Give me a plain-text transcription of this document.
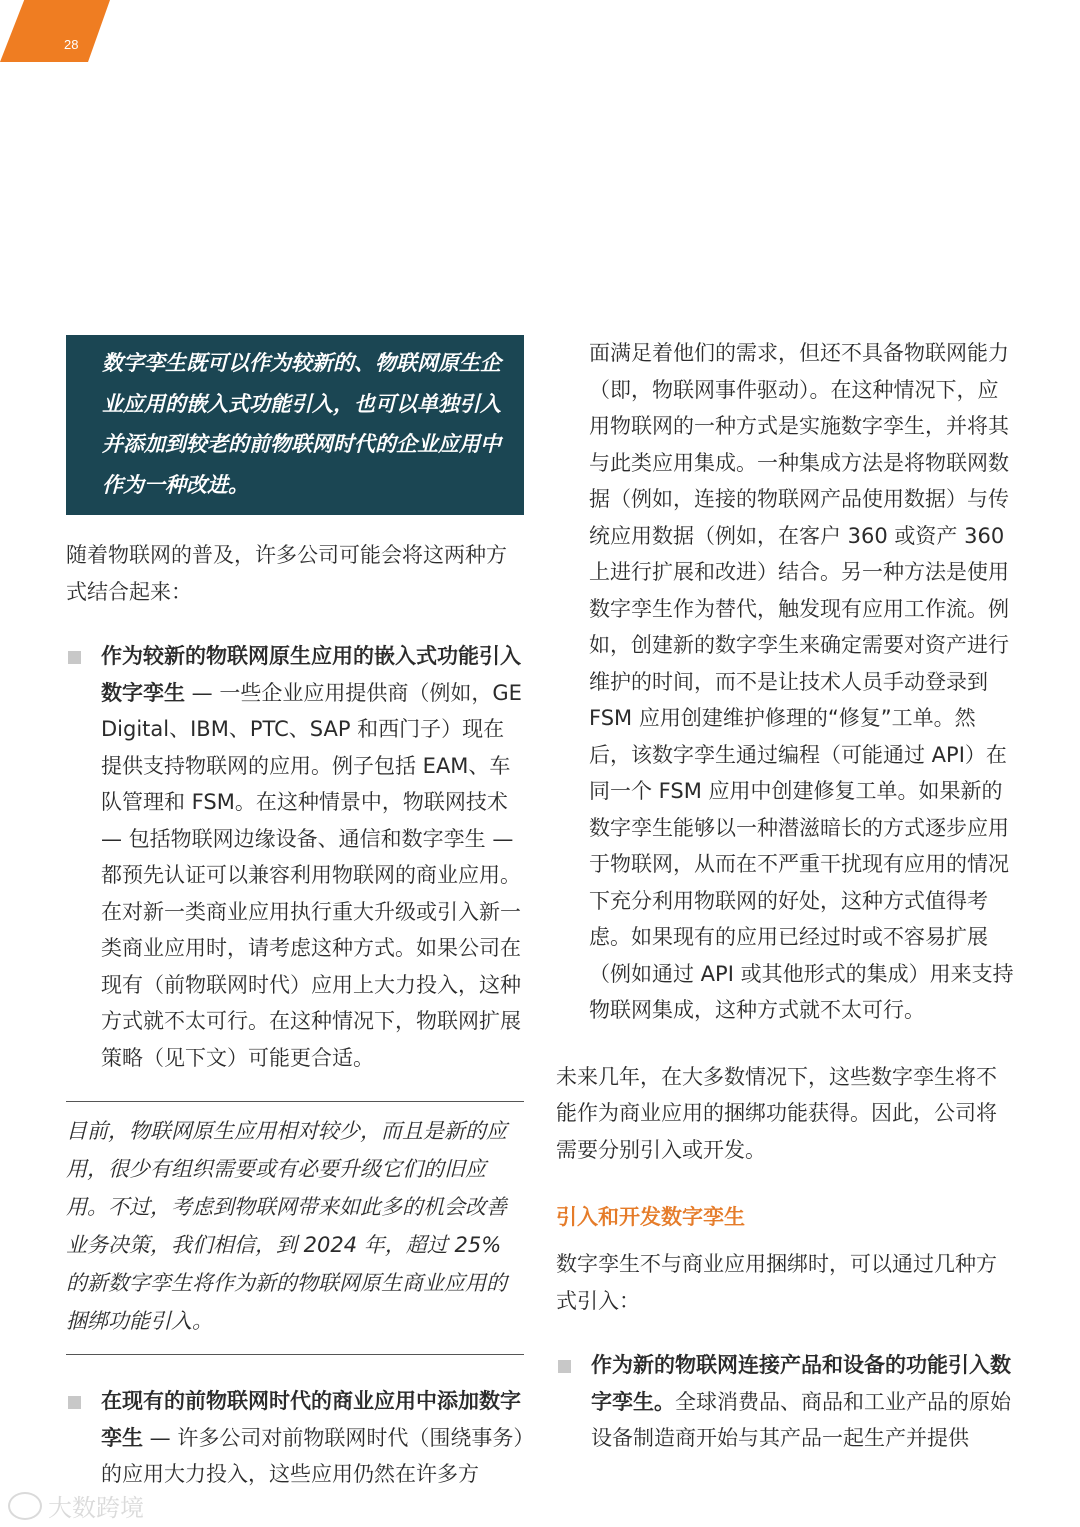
28
数字孪生既可以作为较新的、物联网原生企业应用的嵌入式功能引入，也可以单独引入并添加到较老的前物联网时代的企业应用中作为一种改进。

随着物联网的普及，许多公司可能会将这两种方式结合起来：

作为较新的物联网原生应用的嵌入式功能引入数字孪生 — 一些企业应用提供商（例如，GE Digital、IBM、PTC、SAP 和西门子）现在提供支持物联网的应用。例子包括 EAM、车队管理和 FSM。在这种情景中，物联网技术 — 包括物联网边缘设备、通信和数字孪生 — 都预先认证可以兼容利用物联网的商业应用。在对新一类商业应用执行重大升级或引入新一类商业应用时，请考虑这种方式。如果公司在现有（前物联网时代）应用上大力投入，这种方式就不太可行。在这种情况下，物联网扩展策略（见下文）可能更合适。

目前，物联网原生应用相对较少，而且是新的应用，很少有组织需要或有必要升级它们的旧应用。不过，考虑到物联网带来如此多的机会改善业务决策，我们相信，到 2024 年，超过 25% 的新数字孪生将作为新的物联网原生商业应用的捆绑功能引入。

在现有的前物联网时代的商业应用中添加数字孪生 — 许多公司对前物联网时代（围绕事务）的应用大力投入，这些应用仍然在许多方

面满足着他们的需求，但还不具备物联网能力（即，物联网事件驱动）。在这种情况下，应用物联网的一种方式是实施数字孪生，并将其与此类应用集成。一种集成方法是将物联网数据（例如，连接的物联网产品使用数据）与传统应用数据（例如，在客户 360 或资产 360 上进行扩展和改进）结合。另一种方法是使用数字孪生作为替代，触发现有应用工作流。例如，创建新的数字孪生来确定需要对资产进行维护的时间，而不是让技术人员手动登录到 FSM 应用创建维护修理的“修复”工单。然后，该数字孪生通过编程（可能通过 API）在同一个 FSM 应用中创建修复工单。如果新的数字孪生能够以一种潜滋暗长的方式逐步应用于物联网，从而在不严重干扰现有应用的情况下充分利用物联网的好处，这种方式值得考虑。如果现有的应用已经过时或不容易扩展（例如通过 API 或其他形式的集成）用来支持物联网集成，这种方式就不太可行。

未来几年，在大多数情况下，这些数字孪生将不能作为商业应用的捆绑功能获得。因此，公司将需要分别引入或开发。

引入和开发数字孪生

数字孪生不与商业应用捆绑时，可以通过几种方式引入：

作为新的物联网连接产品和设备的功能引入数字孪生。全球消费品、商品和工业产品的原始设备制造商开始与其产品一起生产并提供

大数跨境
